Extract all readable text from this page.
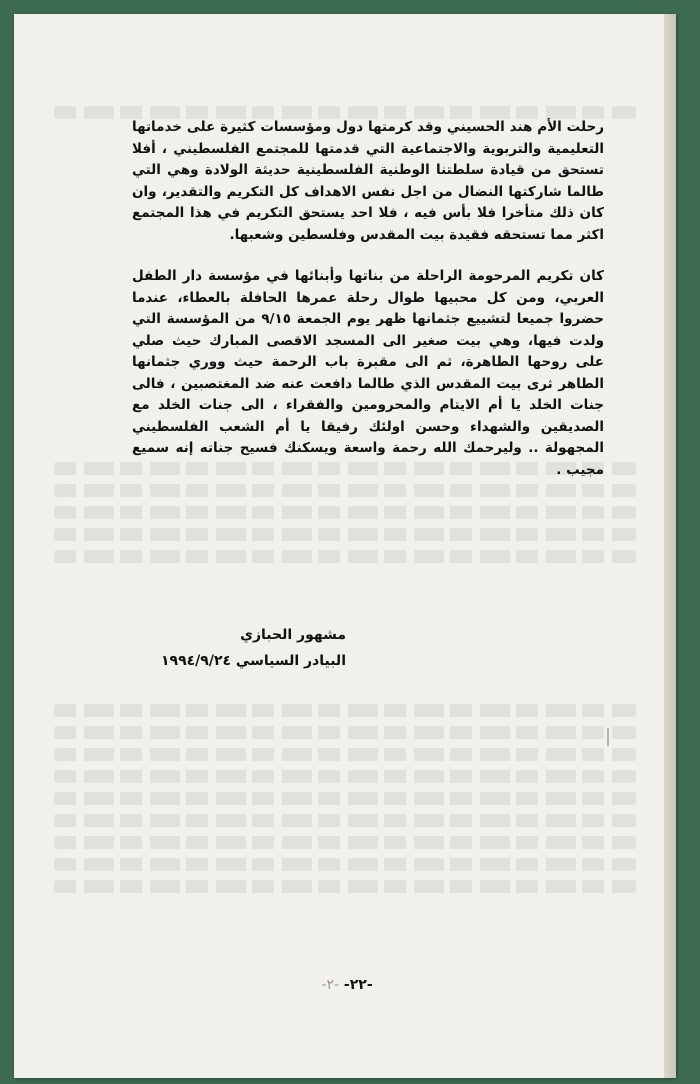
رحلت الأم هند الحسيني وقد كرمتها دول ومؤسسات كثيرة على خدماتها التعليمية والتربوية والاجتماعية التي قدمتها للمجتمع الفلسطيني ، أفلا تستحق من قيادة سلطتنا الوطنية الفلسطينية حديثة الولادة وهي التي طالما شاركتها النضال من اجل نفس الاهداف كل التكريم والتقدير، وان كان ذلك متأخرا فلا بأس فيه ، فلا احد يستحق التكريم في هذا المجتمع اكثر مما تستحقه فقيدة بيت المقدس وفلسطين وشعبها.

كان تكريم المرحومة الراحلة من بناتها وأبنائها في مؤسسة دار الطفل العربي، ومن كل محبيها طوال رحلة عمرها الحافلة بالعطاء، عندما حضروا جميعا لتشييع جثمانها ظهر يوم الجمعة ٩/١٥ من المؤسسة التي ولدت فيها، وهي بيت صغير الى المسجد الاقصى المبارك حيث صلي على روحها الطاهرة، ثم الى مقبرة باب الرحمة حيث ووري جثمانها الطاهر ثرى بيت المقدس الذي طالما دافعت عنه ضد المغتصبين ، فالى جنات الخلد يا أم الايتام والمحرومين والفقراء ، الى جنات الخلد مع الصديقين والشهداء وحسن اولئك رفيقا يا أم الشعب الفلسطيني المجهولة .. وليرحمك الله رحمة واسعة ويسكنك فسيح جناته إنه سميع مجيب .

مشهور الحبازي

البيادر السياسي ١٩٩٤/٩/٢٤

-٢٢- -٢-
